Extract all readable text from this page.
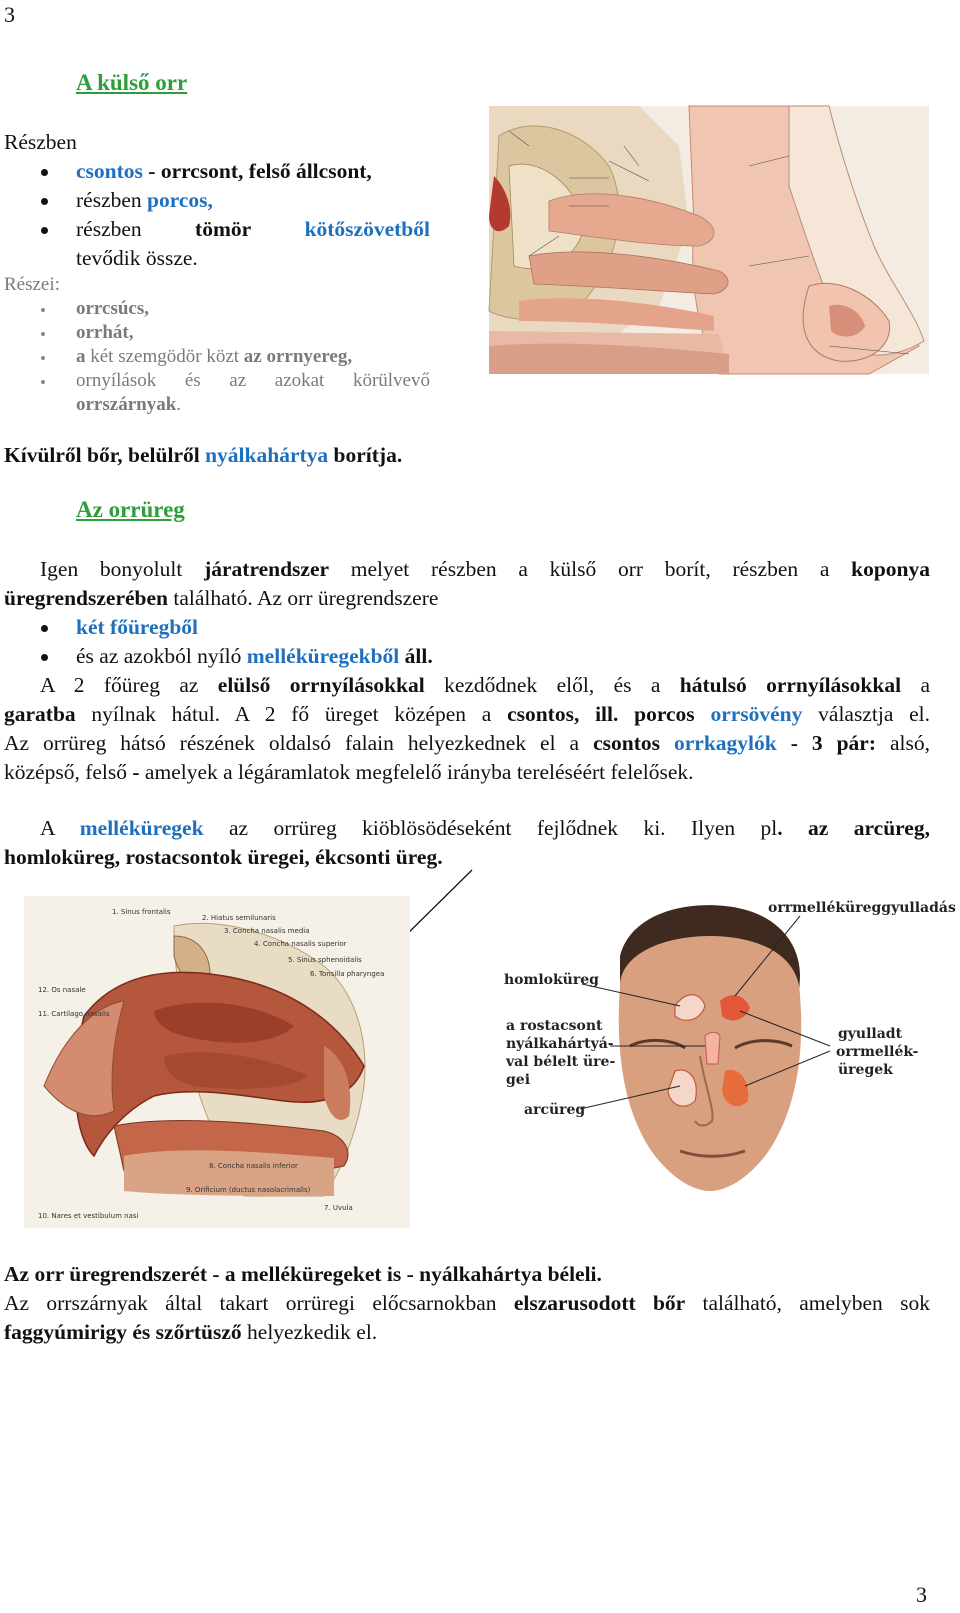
3
3
A külső orr
Részben
csontos - orrcsont, felső állcsont,
részben porcos,
részben tömör kötőszövetből
tevődik össze.
Részei:
orrcsúcs,
orrhát,
a két szemgödör közt az orrnyereg,
ornyílások és az azokat körülvevő
orrszárnyak.
Kívülről bőr, belülről nyálkahártya borítja.
Az orrüreg
Igen bonyolult járatrendszer melyet részben a külső orr borít, részben a koponya
üregrendszerében található. Az orr üregrendszere
két főüregből
és az azokból nyíló melléküregekből áll.
A 2 főüreg az elülső orrnyílásokkal kezdődnek elől, és a hátulsó orrnyílásokkal a
garatba nyílnak hátul. A 2 fő üreget középen a csontos, ill. porcos orrsövény választja el.
Az orrüreg hátsó részének oldalsó falain helyezkednek el a csontos orrkagylók - 3 pár: alsó,
középső, felső - amelyek a légáramlatok megfelelő irányba tereléséért felelősek.
A melléküregek az orrüreg kiöblösödéseként fejlődnek ki. Ilyen pl. az arcüreg,
homloküreg, rostacsontok üregei, ékcsonti üreg.
1. Sinus frontalis
2. Hiatus semilunaris
3. Concha nasalis media
4. Concha nasalis superior
5. Sinus sphenoidalis
6. Tonsilla pharyngea
12. Os nasale
11. Cartilago nasalis
8. Concha nasalis inferior
9. Orificium (ductus nasolacrimalis)
7. Uvula
10. Nares et vestibulum nasi
orrmelléküreggyulladás
homloküreg
a rostacsont
nyálkahártyá-
val bélelt üre-
gei
arcüreg
gyulladt
orrmellék-
üregek
Az orr üregrendszerét - a melléküregeket is - nyálkahártya béleli.
Az orrszárnyak által takart orrüregi előcsarnokban elszarusodott bőr található, amelyben sok
faggyúmirigy és szőrtüsző helyezkedik el.
